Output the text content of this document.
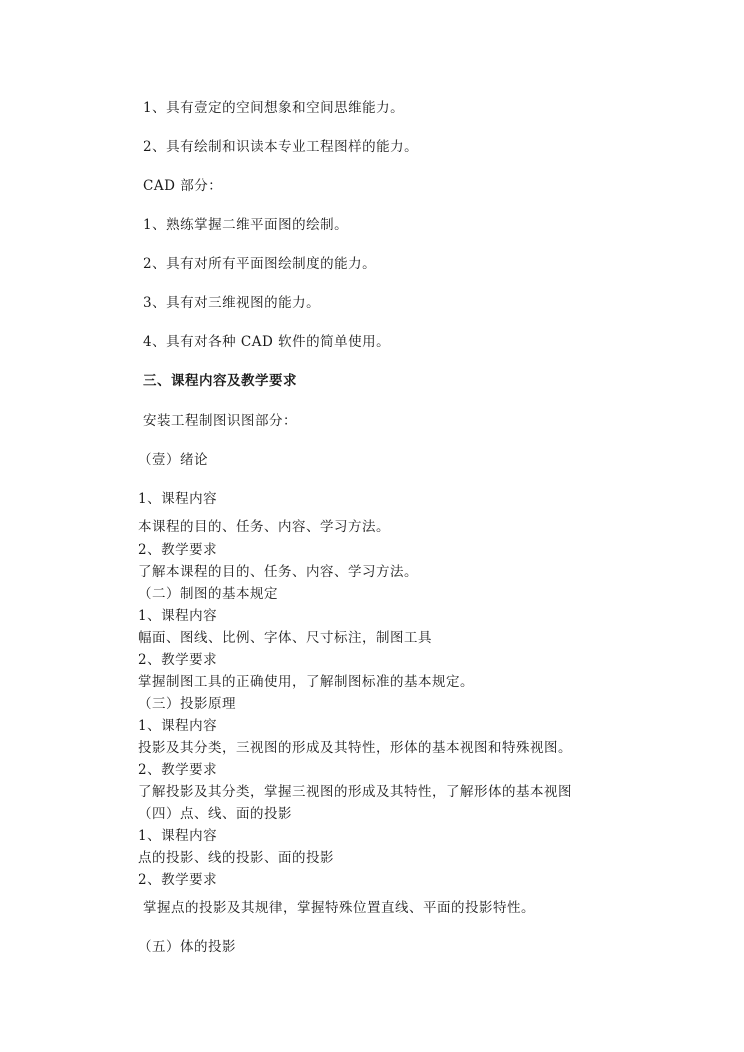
1、具有壹定的空间想象和空间思维能力。
2、具有绘制和识读本专业工程图样的能力。
CAD 部分：
1、熟练掌握二维平面图的绘制。
2、具有对所有平面图绘制度的能力。
3、具有对三维视图的能力。
4、具有对各种 CAD 软件的简单使用。
三、课程内容及教学要求
安装工程制图识图部分：
（壹）绪论
1、课程内容
本课程的目的、任务、内容、学习方法。
2、教学要求
了解本课程的目的、任务、内容、学习方法。
（二）制图的基本规定
1、课程内容
幅面、图线、比例、字体、尺寸标注，制图工具
2、教学要求
掌握制图工具的正确使用，了解制图标准的基本规定。
（三）投影原理
1、课程内容
投影及其分类，三视图的形成及其特性，形体的基本视图和特殊视图。
2、教学要求
了解投影及其分类，掌握三视图的形成及其特性，了解形体的基本视图
（四）点、线、面的投影
1、课程内容
点的投影、线的投影、面的投影
2、教学要求
掌握点的投影及其规律，掌握特殊位置直线、平面的投影特性。
（五）体的投影
